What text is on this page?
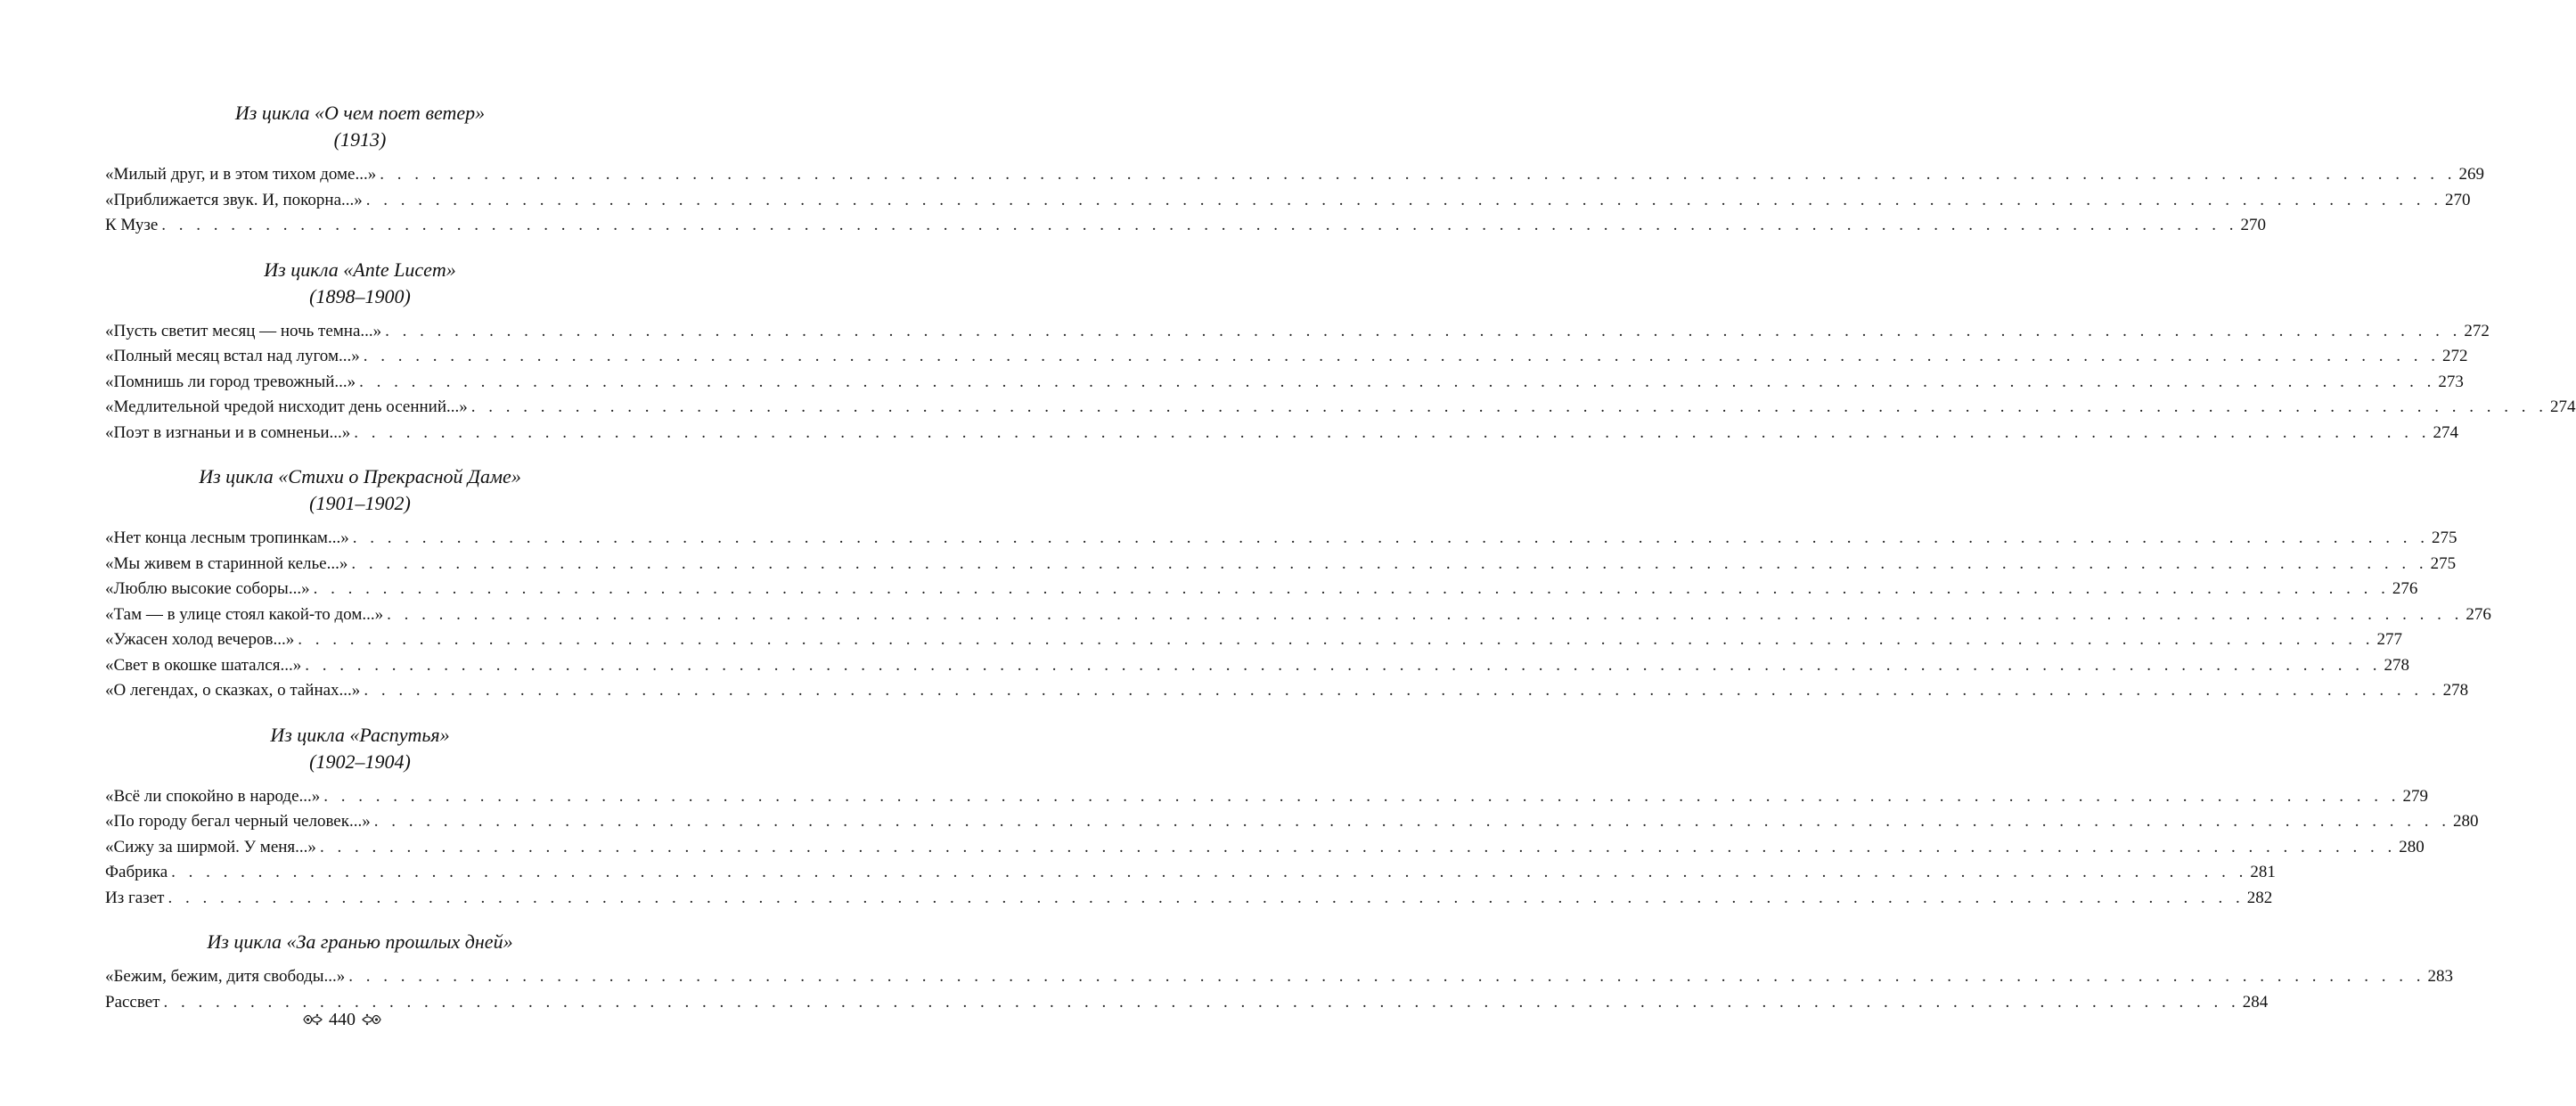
Из цикла «О чем поет ветер»

(1913)

«Милый друг, и в этом тихом доме...» . . . . . . . . . . . . . . . . . . . . . . . . . . . . . . . . . . . . . . . . . . . . . . . . . . . . . . . . . . . . . . . . . . . . . . . . . . . . . . . . . . . . . . . . . . . . . . . . . . . . . . . . . . . . . . . . . . . . . . . . 269
«Приближается звук. И, покорна...» . . . . . . . . . . . . . . . . . . . . . . . . . . . . . . . . . . . . . . . . . . . . . . . . . . . . . . . . . . . . . . . . . . . . . . . . . . . . . . . . . . . . . . . . . . . . . . . . . . . . . . . . . . . . . . . . . . . . . . . . 270
К Музе . . . . . . . . . . . . . . . . . . . . . . . . . . . . . . . . . . . . . . . . . . . . . . . . . . . . . . . . . . . . . . . . . . . . . . . . . . . . . . . . . . . . . . . . . . . . . . . . . . . . . . . . . . . . . . . . . . . . . . . . 270

Из цикла «Ante Lucem»

(1898–1900)

«Пусть светит месяц — ночь темна...» . . . . . . . . . . . . . . . . . . . . . . . . . . . . . . . . . . . . . . . . . . . . . . . . . . . . . . . . . . . . . . . . . . . . . . . . . . . . . . . . . . . . . . . . . . . . . . . . . . . . . . . . . . . . . . . . . . . . . . . . 272
«Полный месяц встал над лугом...» . . . . . . . . . . . . . . . . . . . . . . . . . . . . . . . . . . . . . . . . . . . . . . . . . . . . . . . . . . . . . . . . . . . . . . . . . . . . . . . . . . . . . . . . . . . . . . . . . . . . . . . . . . . . . . . . . . . . . . . . 272
«Помнишь ли город тревожный...» . . . . . . . . . . . . . . . . . . . . . . . . . . . . . . . . . . . . . . . . . . . . . . . . . . . . . . . . . . . . . . . . . . . . . . . . . . . . . . . . . . . . . . . . . . . . . . . . . . . . . . . . . . . . . . . . . . . . . . . . 273
«Медлительной чредой нисходит день осенний...» . . . . . . . . . . . . . . . . . . . . . . . . . . . . . . . . . . . . . . . . . . . . . . . . . . . . . . . . . . . . . . . . . . . . . . . . . . . . . . . . . . . . . . . . . . . . . . . . . . . . . . . . . . . . . . . . . . . . . . . . 274
«Поэт в изгнаньи и в сомненьи...» . . . . . . . . . . . . . . . . . . . . . . . . . . . . . . . . . . . . . . . . . . . . . . . . . . . . . . . . . . . . . . . . . . . . . . . . . . . . . . . . . . . . . . . . . . . . . . . . . . . . . . . . . . . . . . . . . . . . . . . . 274

Из цикла «Стихи о Прекрасной Даме»

(1901–1902)

«Нет конца лесным тропинкам...» . . . . . . . . . . . . . . . . . . . . . . . . . . . . . . . . . . . . . . . . . . . . . . . . . . . . . . . . . . . . . . . . . . . . . . . . . . . . . . . . . . . . . . . . . . . . . . . . . . . . . . . . . . . . . . . . . . . . . . . . 275
«Мы живем в старинной келье...» . . . . . . . . . . . . . . . . . . . . . . . . . . . . . . . . . . . . . . . . . . . . . . . . . . . . . . . . . . . . . . . . . . . . . . . . . . . . . . . . . . . . . . . . . . . . . . . . . . . . . . . . . . . . . . . . . . . . . . . . 275
«Люблю высокие соборы...» . . . . . . . . . . . . . . . . . . . . . . . . . . . . . . . . . . . . . . . . . . . . . . . . . . . . . . . . . . . . . . . . . . . . . . . . . . . . . . . . . . . . . . . . . . . . . . . . . . . . . . . . . . . . . . . . . . . . . . . . 276
«Там — в улице стоял какой-то дом...» . . . . . . . . . . . . . . . . . . . . . . . . . . . . . . . . . . . . . . . . . . . . . . . . . . . . . . . . . . . . . . . . . . . . . . . . . . . . . . . . . . . . . . . . . . . . . . . . . . . . . . . . . . . . . . . . . . . . . . . . 276
«Ужасен холод вечеров...» . . . . . . . . . . . . . . . . . . . . . . . . . . . . . . . . . . . . . . . . . . . . . . . . . . . . . . . . . . . . . . . . . . . . . . . . . . . . . . . . . . . . . . . . . . . . . . . . . . . . . . . . . . . . . . . . . . . . . . . . 277
«Свет в окошке шатался...» . . . . . . . . . . . . . . . . . . . . . . . . . . . . . . . . . . . . . . . . . . . . . . . . . . . . . . . . . . . . . . . . . . . . . . . . . . . . . . . . . . . . . . . . . . . . . . . . . . . . . . . . . . . . . . . . . . . . . . . . 278
«О легендах, о сказках, о тайнах...» . . . . . . . . . . . . . . . . . . . . . . . . . . . . . . . . . . . . . . . . . . . . . . . . . . . . . . . . . . . . . . . . . . . . . . . . . . . . . . . . . . . . . . . . . . . . . . . . . . . . . . . . . . . . . . . . . . . . . . . . 278

Из цикла «Распутья»

(1902–1904)

«Всё ли спокойно в народе...» . . . . . . . . . . . . . . . . . . . . . . . . . . . . . . . . . . . . . . . . . . . . . . . . . . . . . . . . . . . . . . . . . . . . . . . . . . . . . . . . . . . . . . . . . . . . . . . . . . . . . . . . . . . . . . . . . . . . . . . . 279
«По городу бегал черный человек...» . . . . . . . . . . . . . . . . . . . . . . . . . . . . . . . . . . . . . . . . . . . . . . . . . . . . . . . . . . . . . . . . . . . . . . . . . . . . . . . . . . . . . . . . . . . . . . . . . . . . . . . . . . . . . . . . . . . . . . . . 280
«Сижу за ширмой. У меня...» . . . . . . . . . . . . . . . . . . . . . . . . . . . . . . . . . . . . . . . . . . . . . . . . . . . . . . . . . . . . . . . . . . . . . . . . . . . . . . . . . . . . . . . . . . . . . . . . . . . . . . . . . . . . . . . . . . . . . . . . 280
Фабрика . . . . . . . . . . . . . . . . . . . . . . . . . . . . . . . . . . . . . . . . . . . . . . . . . . . . . . . . . . . . . . . . . . . . . . . . . . . . . . . . . . . . . . . . . . . . . . . . . . . . . . . . . . . . . . . . . . . . . . . . 281
Из газет . . . . . . . . . . . . . . . . . . . . . . . . . . . . . . . . . . . . . . . . . . . . . . . . . . . . . . . . . . . . . . . . . . . . . . . . . . . . . . . . . . . . . . . . . . . . . . . . . . . . . . . . . . . . . . . . . . . . . . . . 282

Из цикла «За гранью прошлых дней»

«Бежим, бежим, дитя свободы...» . . . . . . . . . . . . . . . . . . . . . . . . . . . . . . . . . . . . . . . . . . . . . . . . . . . . . . . . . . . . . . . . . . . . . . . . . . . . . . . . . . . . . . . . . . . . . . . . . . . . . . . . . . . . . . . . . . . . . . . . 283
Рассвет . . . . . . . . . . . . . . . . . . . . . . . . . . . . . . . . . . . . . . . . . . . . . . . . . . . . . . . . . . . . . . . . . . . . . . . . . . . . . . . . . . . . . . . . . . . . . . . . . . . . . . . . . . . . . . . . . . . . . . . . 284
440
